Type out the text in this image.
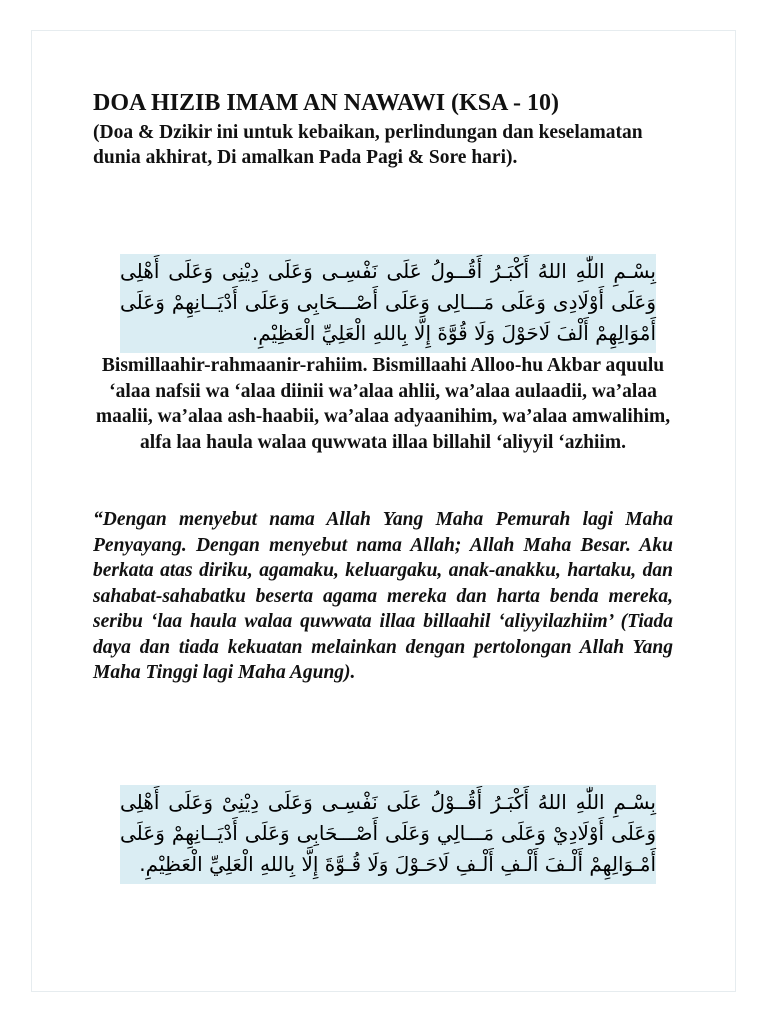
DOA HIZIB IMAM AN NAWAWI (KSA - 10)

(Doa & Dzikir ini untuk kebaikan, perlindungan dan keselamatan dunia akhirat, Di amalkan Pada Pagi & Sore hari).

بِسْـمِ اللّٰهِ اللهُ أَكْبَـرُ أَقُــولُ عَلَى نَفْسِـى وَعَلَى دِيْنِى وَعَلَى أَهْلِى وَعَلَى أَوْلَادِى وَعَلَى مَـــالِى وَعَلَى أَصْـــحَابِى وَعَلَى أَدْيَــانِهِمْ وَعَلَى أَمْوَالِهِمْ أَلْفَ لَاحَوْلَ وَلَا قُوَّةَ إِلَّا بِاللهِ الْعَلِيِّ الْعَظِيْمِ.

Bismillaahir-rahmaanir-rahiim. Bismillaahi Alloo-hu Akbar aquulu ‘alaa nafsii wa ‘alaa diinii wa’alaa ahlii, wa’alaa aulaadii, wa’alaa maalii, wa’alaa ash-haabii, wa’alaa adyaanihim, wa’alaa amwalihim, alfa laa haula walaa quwwata illaa billahil ‘aliyyil ‘azhiim.

“Dengan menyebut nama Allah Yang Maha Pemurah lagi Maha Penyayang. Dengan menyebut nama Allah; Allah Maha Besar. Aku berkata atas diriku, agamaku, keluargaku, anak-anakku, hartaku, dan sahabat-sahabatku beserta agama mereka dan harta benda mereka, seribu ‘laa haula walaa quwwata illaa billaahil ‘aliyyilazhiim’ (Tiada daya dan tiada kekuatan melainkan dengan pertolongan Allah Yang Maha Tinggi lagi Maha Agung).

بِسْـمِ اللّٰهِ اللهُ أَكْبَـرُ أَقُــوْلُ عَلَى نَفْسِـى وَعَلَى دِيْنِىْ وَعَلَى أَهْلِى وَعَلَى أَوْلَادِيْ وَعَلَى مَـــالِي وَعَلَى أَصْـــحَابِى وَعَلَى أَدْيَــانِهِمْ وَعَلَى أَمْـوَالِهِمْ أَلْـفَ أَلْـفِ أَلْـفِ لَاحَـوْلَ وَلَا قُـوَّةَ إِلَّا بِاللهِ الْعَلِيِّ الْعَظِيْمِ.
